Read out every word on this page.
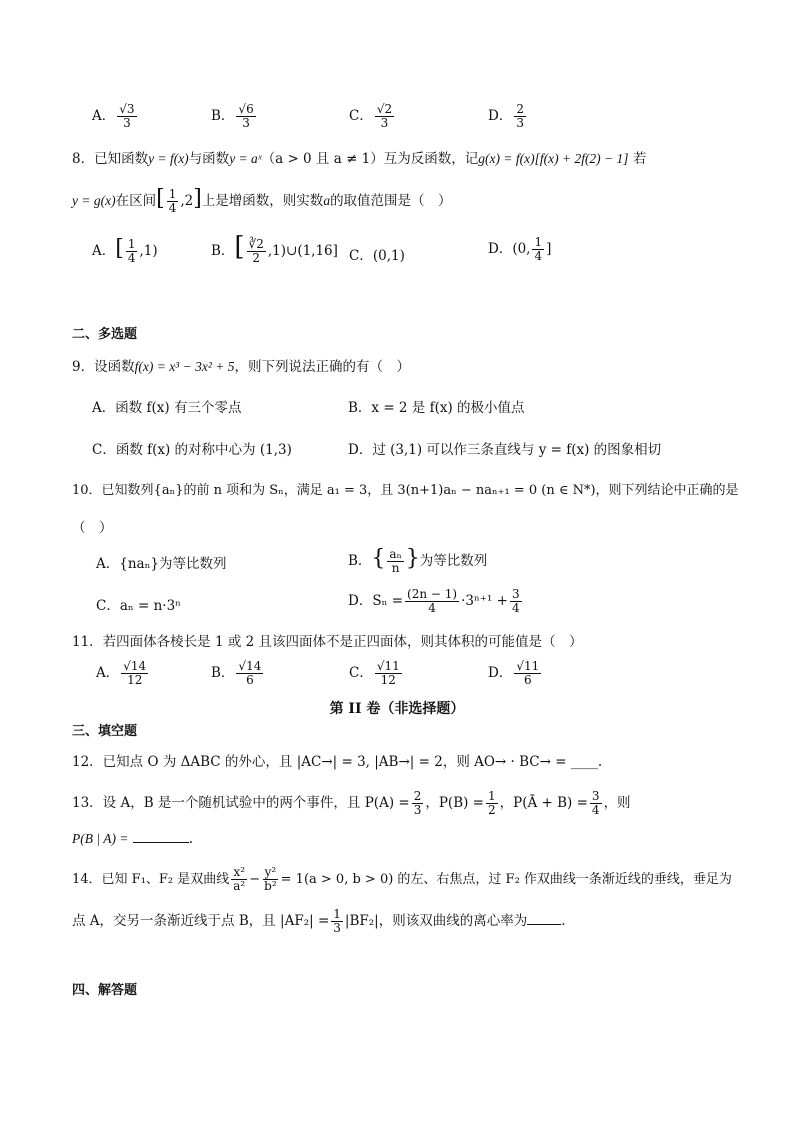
A． $\frac{√3}{3}$	B． $\frac{√6}{3}$	C． $\frac{√2}{3}$	D． $\frac{2}{3}$
8．已知函数y = f(x)与函数y = aˣ（a > 0 且 a ≠ 1）互为反函数，记g(x) = f(x)[f(x) + 2f(2) − 1] 若
y = g(x)在区间[ $\frac{1}{4} ,2$]上是增函数，则实数a的取值范围是（　）
A．[ $\frac{1}{4} ,1$)	B．[ $\frac{∛2}{2}$ ,1)∪(1,16] C．(0,1)	D．(0, $\frac{1}{4}$ ]
二、多选题
9．设函数f(x) = x³ − 3x² + 5，则下列说法正确的有（　）
A．函数 f(x) 有三个零点	B．x = 2 是 f(x) 的极小值点
C．函数 f(x) 的对称中心为 (1,3)	D．过 (3,1) 可以作三条直线与 y = f(x) 的图象相切
10．已知数列{aₙ}的前 n 项和为 Sₙ，满足 a₁ = 3，且 3(n+1)aₙ − naₙ₊₁ = 0 (n ∈ N*)，则下列结论中正确的是
（　）
A．{naₙ}为等比数列	B．{ $\frac{\text{aₙ}}{n}$ }为等比数列
C．aₙ = n·3ⁿ	D．$S_n = \frac{(2n - 1)}{4} \cdot 3^{n+1} + \frac{3}{4}$
11．若四面体各棱长是 1 或 2 且该四面体不是正四面体，则其体积的可能值是（　）
A． $\frac{√14}{12}$	B． $\frac{√14}{6}$	C． $\frac{√11}{12}$	D． $\frac{√11}{6}$
第 II 卷（非选择题）
三、填空题
12．已知点 O 为 ΔABC 的外心，且 |AC→| = 3, |AB→| = 2，则 AO→ · BC→ = ____.
13．设 A，B 是一个随机试验中的两个事件，且 $P(A) = \frac{2}{3}$ ，$P(B) = \frac{1}{2}$ ，P(Ā + $B) = \frac{3}{4}$ ，则
P(B | A) =	.
14．已知 F₁、F₂ 是双曲线 $\frac{\text{x²}}{\text{a²}} - \frac{\text{y²}}{\text{b²}} = 1(a > 0$, b > 0) 的左、右焦点，过 F₂ 作双曲线一条渐近线的垂线，垂足为
点 A，交另一条渐近线于点 B，且 $|AF_2| = \frac{1}{3} |BF_2|$，则该双曲线的离心率为	.
四、解答题
